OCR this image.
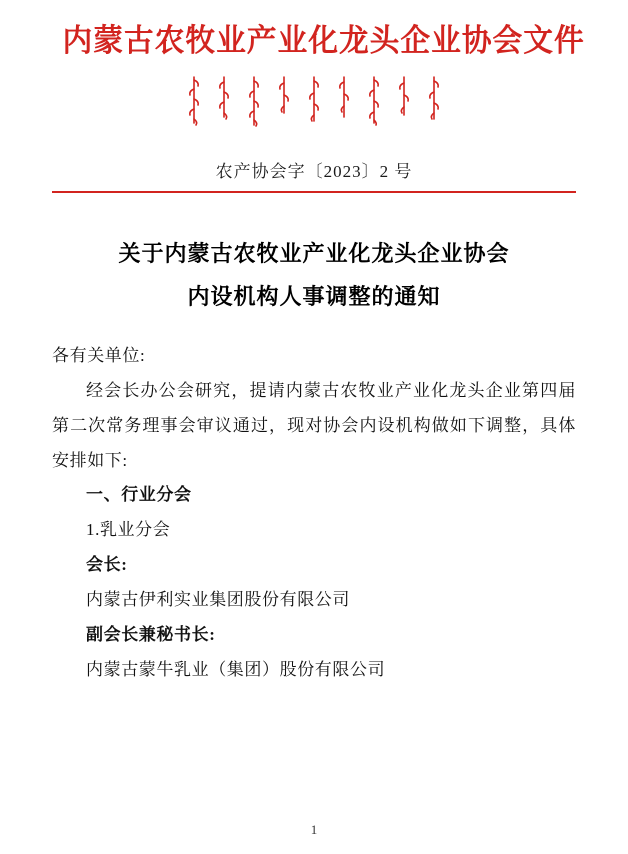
内蒙古农牧业产业化龙头企业协会文件
农产协会字〔2023〕2 号
关于内蒙古农牧业产业化龙头企业协会
内设机构人事调整的通知
各有关单位:
经会长办公会研究，提请内蒙古农牧业产业化龙头企业第四届第二次常务理事会审议通过，现对协会内设机构做如下调整，具体安排如下:
一、行业分会
1.乳业分会
会长:
内蒙古伊利实业集团股份有限公司
副会长兼秘书长:
内蒙古蒙牛乳业（集团）股份有限公司
1
